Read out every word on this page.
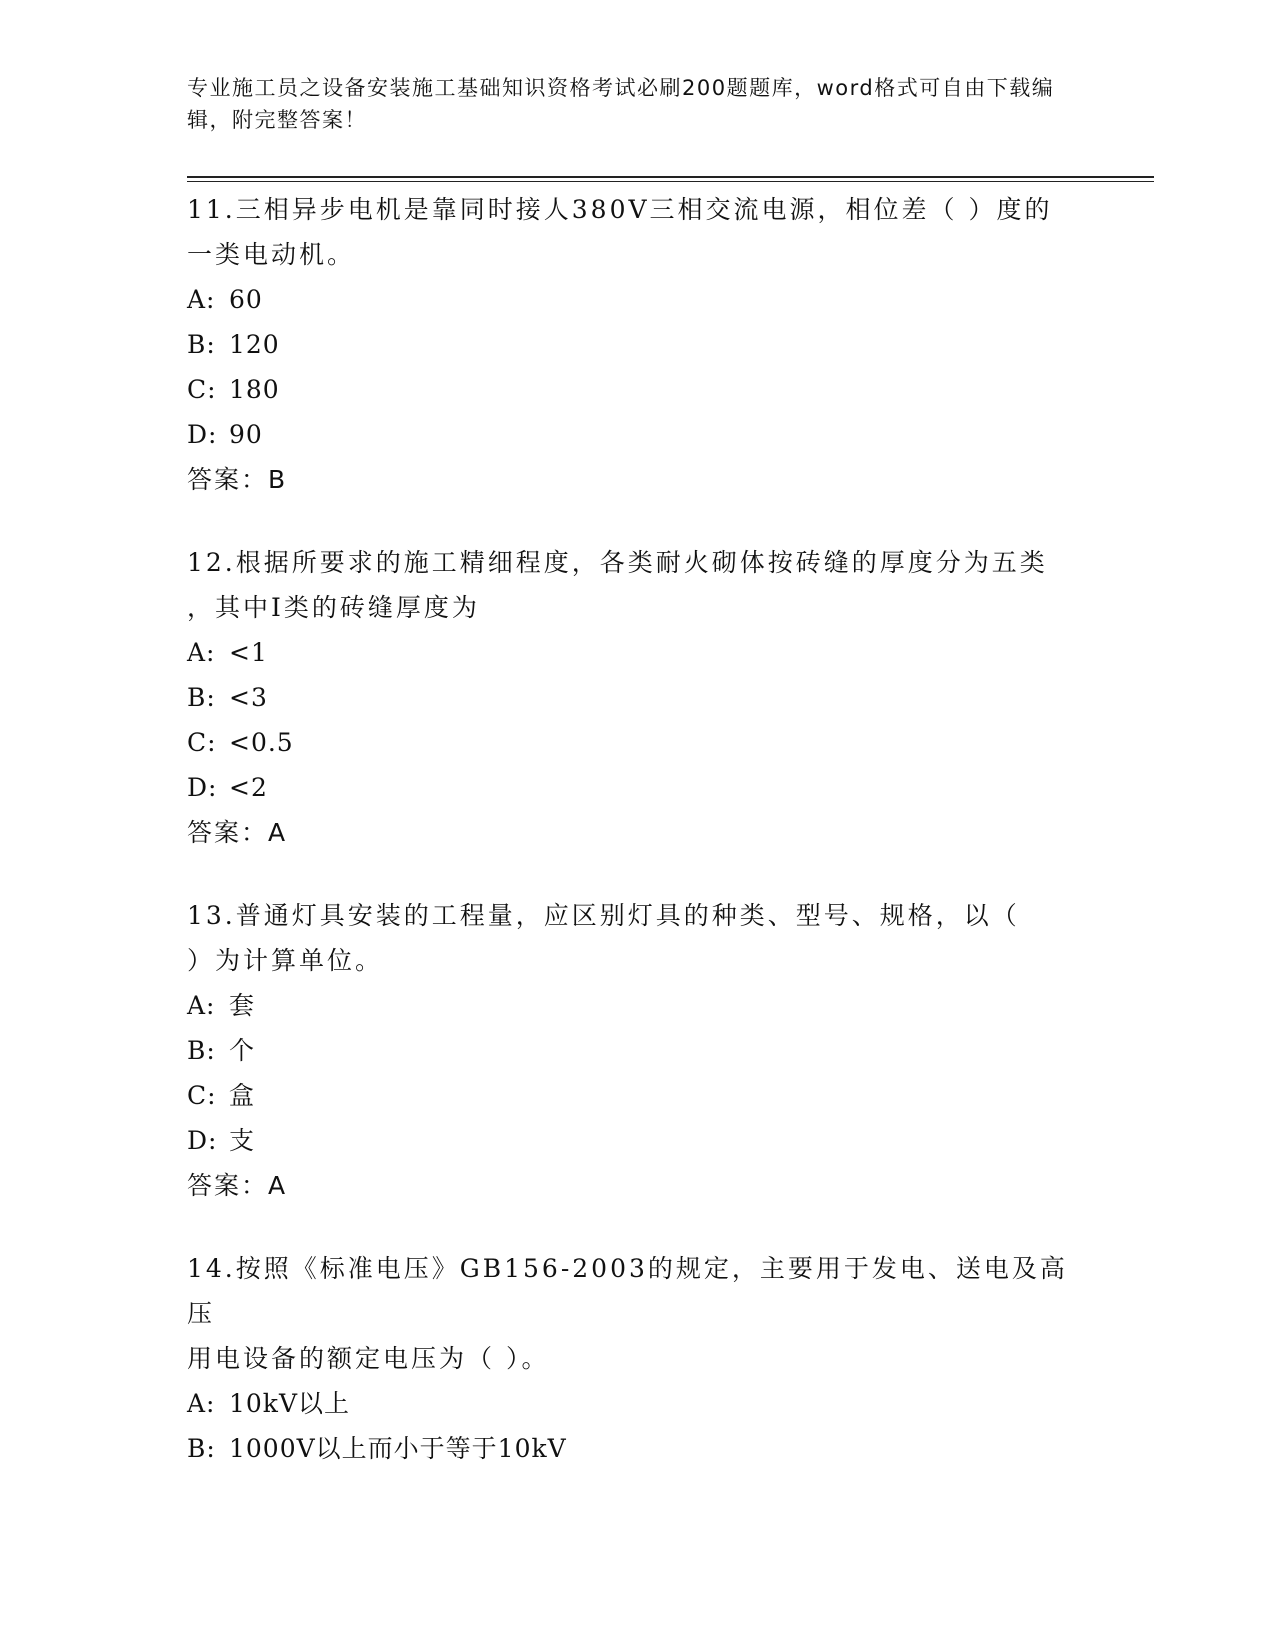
专业施工员之设备安装施工基础知识资格考试必刷200题题库，word格式可自由下载编辑，附完整答案！
11.三相异步电机是靠同时接人380V三相交流电源，相位差（ ）度的
一类电动机。
A: 60
B: 120
C: 180
D: 90
答案：B
12.根据所要求的施工精细程度，各类耐火砌体按砖缝的厚度分为五类
，其中I类的砖缝厚度为
A: <1
B: <3
C: <0.5
D: <2
答案：A
13.普通灯具安装的工程量，应区别灯具的种类、型号、规格，以（
）为计算单位。
A: 套
B: 个
C: 盒
D: 支
答案：A
14.按照《标准电压》GB156-2003的规定，主要用于发电、送电及高压
用电设备的额定电压为（ ）。
A: 10kV以上
B: 1000V以上而小于等于10kV
